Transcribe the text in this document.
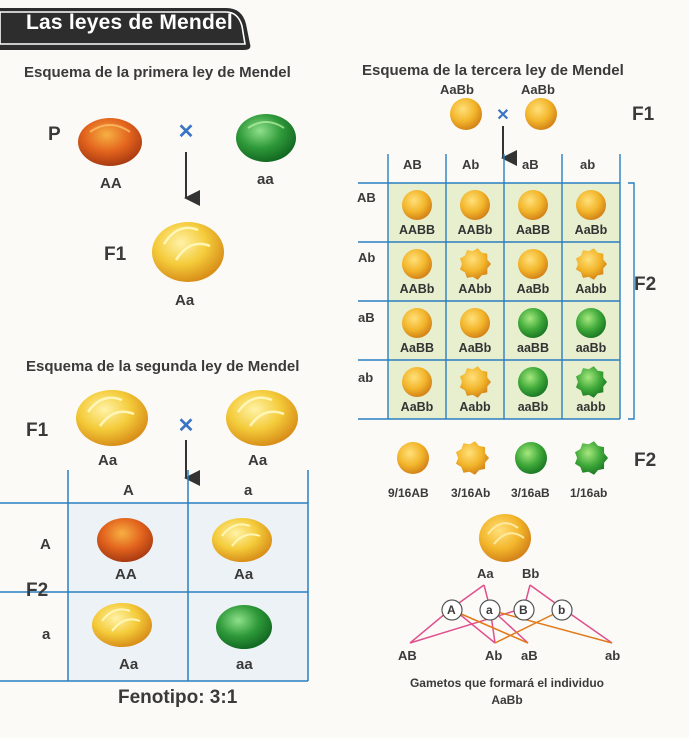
Las leyes de Mendel
✕
✕
✕
Esquema de la primera ley de Mendel
P
AA	aa
F1
Aa
Esquema de la segunda ley de Mendel
F1
Aa	Aa
A	a
A
F2
a
AA	Aa
Aa	aa
Fenotipo: 3:1
Esquema de la tercera ley de Mendel
AaBb	AaBb
F1
F2
AB	Ab	aB	ab
AB
Ab
aB
ab
AABB	AABb	AaBB	AaBb
AABb	AAbb	AaBb	Aabb
AaBB	AaBb	aaBB	aaBb
AaBb	Aabb	aaBb	aabb
F2
9/16AB 3/16Ab 3/16aB 1/16ab
Aa Bb
A	a B	b
AB	Ab aB	ab
Gametos que formará el individuo
AaBb
